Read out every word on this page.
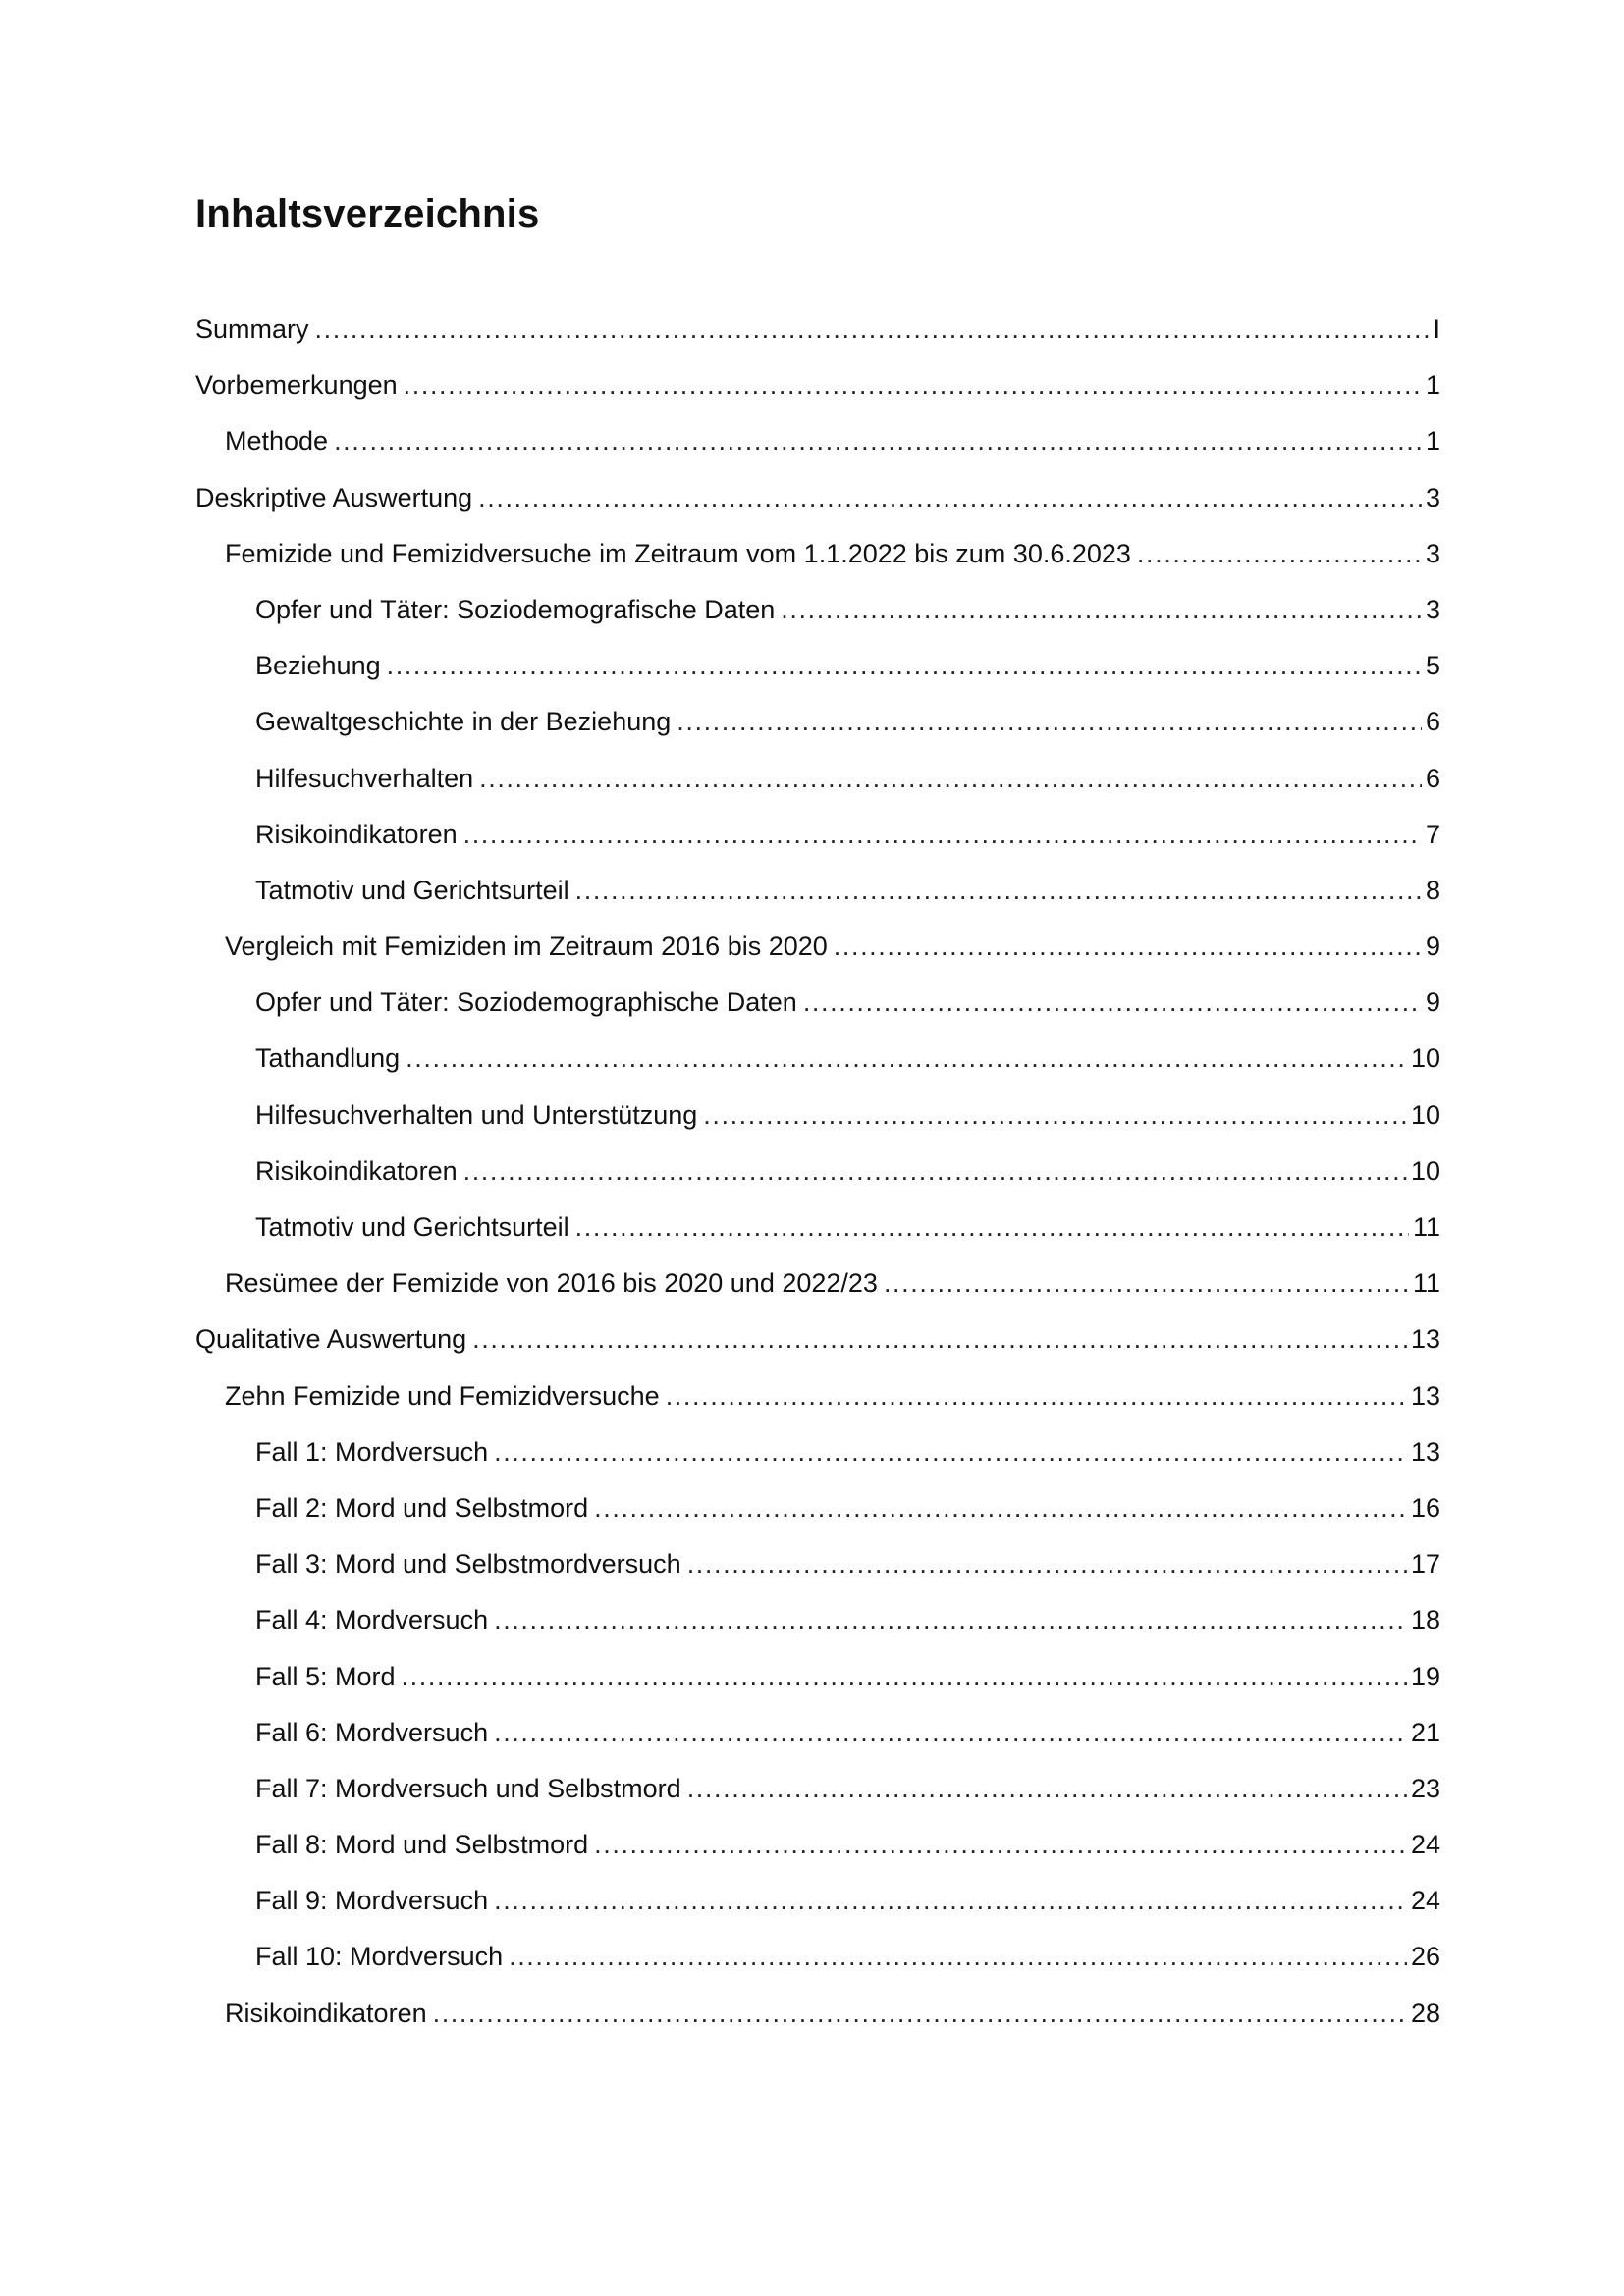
Inhaltsverzeichnis
Summary .....	I
Vorbemerkungen .....	1
Methode .....	1
Deskriptive Auswertung .....	3
Femizide und Femizidversuche im Zeitraum vom 1.1.2022 bis zum 30.6.2023 .....	3
Opfer und Täter: Soziodemografische Daten .....	3
Beziehung .....	5
Gewaltgeschichte in der Beziehung .....	6
Hilfesuchverhalten .....	6
Risikoindikatoren .....	7
Tatmotiv und Gerichtsurteil .....	8
Vergleich mit Femiziden im Zeitraum 2016 bis 2020 .....	9
Opfer und Täter: Soziodemographische Daten .....	9
Tathandlung .....	10
Hilfesuchverhalten und Unterstützung .....	10
Risikoindikatoren .....	10
Tatmotiv und Gerichtsurteil .....	11
Resümee der Femizide von 2016 bis 2020 und 2022/23 .....	11
Qualitative Auswertung .....	13
Zehn Femizide und Femizidversuche .....	13
Fall 1: Mordversuch .....	13
Fall 2: Mord und Selbstmord .....	16
Fall 3: Mord und Selbstmordversuch .....	17
Fall 4: Mordversuch .....	18
Fall 5: Mord .....	19
Fall 6: Mordversuch .....	21
Fall 7: Mordversuch und Selbstmord .....	23
Fall 8: Mord und Selbstmord .....	24
Fall 9: Mordversuch .....	24
Fall 10: Mordversuch .....	26
Risikoindikatoren .....	28
